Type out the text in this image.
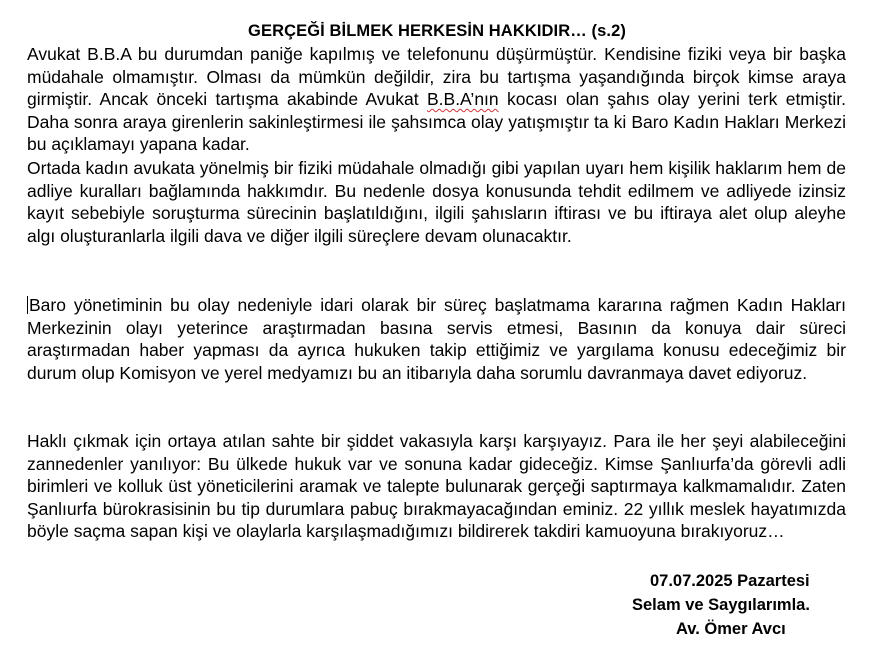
GERÇEĞİ BİLMEK HERKESİN HAKKIDIR… (s.2)

Avukat B.B.A bu durumdan paniğe kapılmış ve telefonunu düşürmüştür. Kendisine fiziki veya bir başka müdahale olmamıştır. Olması da mümkün değildir, zira bu tartışma yaşandığında birçok kimse araya girmiştir. Ancak önceki tartışma akabinde Avukat B.B.A’nın kocası olan şahıs olay yerini terk etmiştir. Daha sonra araya girenlerin sakinleştirmesi ile şahsımca olay yatışmıştır ta ki Baro Kadın Hakları Merkezi bu açıklamayı yapana kadar.

Ortada kadın avukata yönelmiş bir fiziki müdahale olmadığı gibi yapılan uyarı hem kişilik haklarım hem de adliye kuralları bağlamında hakkımdır. Bu nedenle dosya konusunda tehdit edilmem ve adliyede izinsiz kayıt sebebiyle soruşturma sürecinin başlatıldığını, ilgili şahısların iftirası ve bu iftiraya alet olup aleyhe algı oluşturanlarla ilgili dava ve diğer ilgili süreçlere devam olunacaktır.

Baro yönetiminin bu olay nedeniyle idari olarak bir süreç başlatmama kararına rağmen Kadın Hakları Merkezinin olayı yeterince araştırmadan basına servis etmesi, Basının da konuya dair süreci araştırmadan haber yapması da ayrıca hukuken takip ettiğimiz ve yargılama konusu edeceğimiz bir durum olup Komisyon ve yerel medyamızı bu an itibarıyla daha sorumlu davranmaya davet ediyoruz.

Haklı çıkmak için ortaya atılan sahte bir şiddet vakasıyla karşı karşıyayız. Para ile her şeyi alabileceğini zannedenler yanılıyor: Bu ülkede hukuk var ve sonuna kadar gideceğiz. Kimse Şanlıurfa’da görevli adli birimleri ve kolluk üst yöneticilerini aramak ve talepte bulunarak gerçeği saptırmaya kalkmamalıdır. Zaten Şanlıurfa bürokrasisinin bu tip durumlara pabuç bırakmayacağından eminiz. 22 yıllık meslek hayatımızda böyle saçma sapan kişi ve olaylarla karşılaşmadığımızı bildirerek takdiri kamuoyuna bırakıyoruz…

07.07.2025 Pazartesi
Selam ve Saygılarımla.
Av. Ömer Avcı
